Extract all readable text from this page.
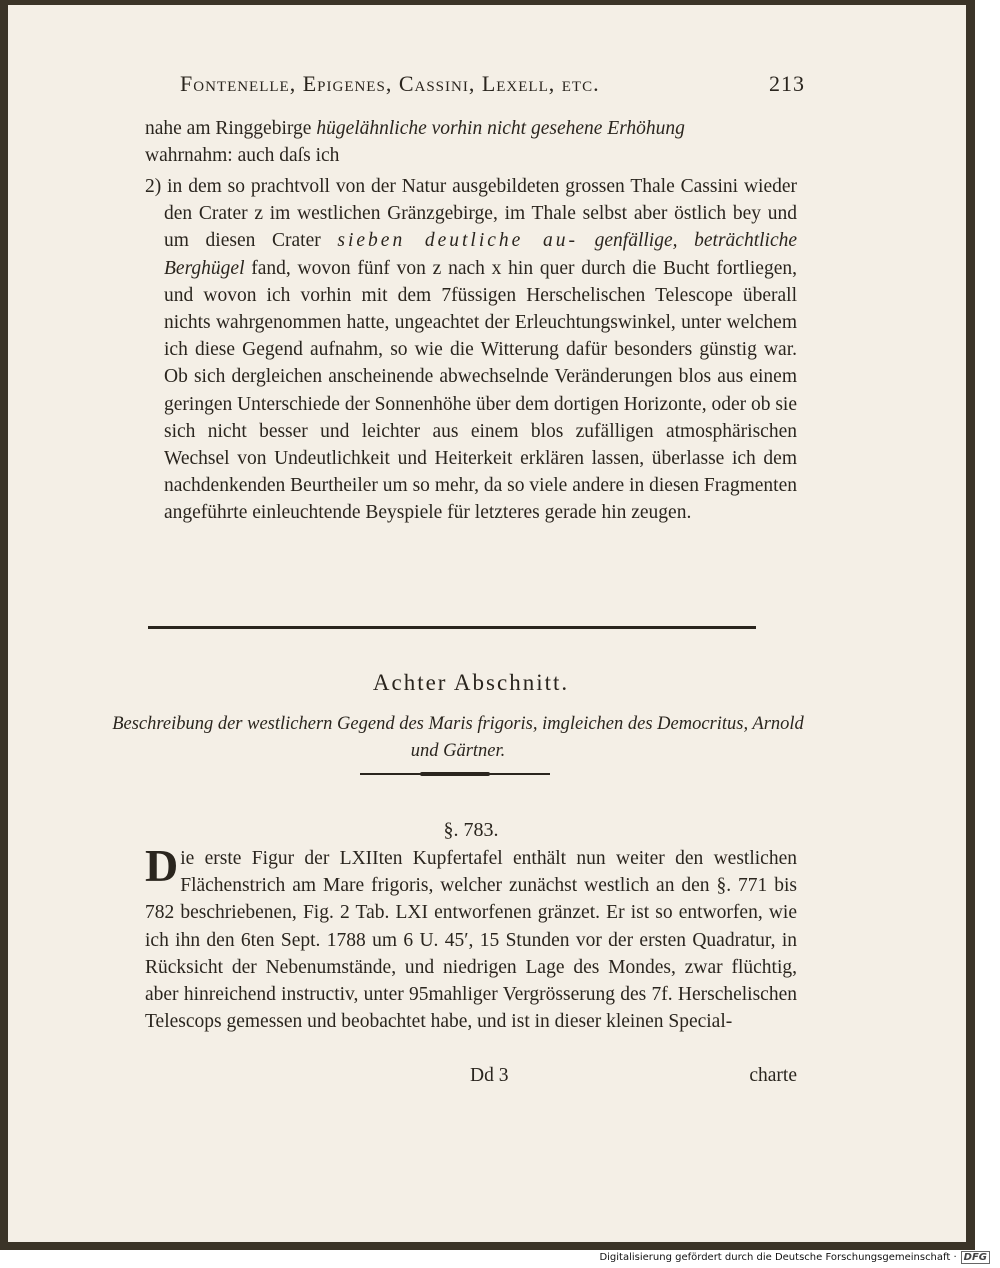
Fontenelle, Epigenes, Cassini, Lexell, etc.	213

nahe am Ringgebirge hügelähnliche vorhin nicht gesehene Erhöhung

wahrnahm: auch daſs ich

2) in dem so prachtvoll von der Natur ausgebildeten grossen Thale Cassini wieder den Crater z im westlichen Gränzgebirge, im Thale selbst aber östlich bey und um diesen Crater sieben deutliche au- genfällige, beträchtliche Berghügel fand, wovon fünf von z nach x hin quer durch die Bucht fortliegen, und wovon ich vorhin mit dem 7füssigen Herschelischen Telescope überall nichts wahrgenommen hatte, ungeachtet der Erleuchtungswinkel, unter welchem ich diese Gegend aufnahm, so wie die Witterung dafür besonders günstig war. Ob sich dergleichen anscheinende abwechselnde Veränderungen blos aus einem geringen Unterschiede der Sonnenhöhe über dem dortigen Horizonte, oder ob sie sich nicht besser und leichter aus einem blos zufälligen atmosphärischen Wechsel von Undeutlichkeit und Heiterkeit erklären lassen, überlasse ich dem nachdenkenden Beurtheiler um so mehr, da so viele andere in diesen Fragmenten angeführte einleuchtende Beyspiele für letzteres gerade hin zeugen.

Achter Abschnitt.
Beschreibung der westlichern Gegend des Maris frigoris, imgleichen des Democritus, Arnold und Gärtner.
§. 783.

Die erste Figur der LXIIten Kupfertafel enthält nun weiter den westlichen Flächenstrich am Mare frigoris, welcher zunächst westlich an den §. 771 bis 782 beschriebenen, Fig. 2 Tab. LXI entworfenen gränzet. Er ist so entworfen, wie ich ihn den 6ten Sept. 1788 um 6 U. 45′, 15 Stunden vor der ersten Quadratur, in Rücksicht der Nebenumstände, und niedrigen Lage des Mondes, zwar flüchtig, aber hinreichend instructiv, unter 95mahliger Vergrösserung des 7f. Herschelischen Telescops gemessen und beobachtet habe, und ist in dieser kleinen Special-

Dd 3	charte
Digitalisierung gefördert durch die Deutsche Forschungsgemeinschaft · DFG
